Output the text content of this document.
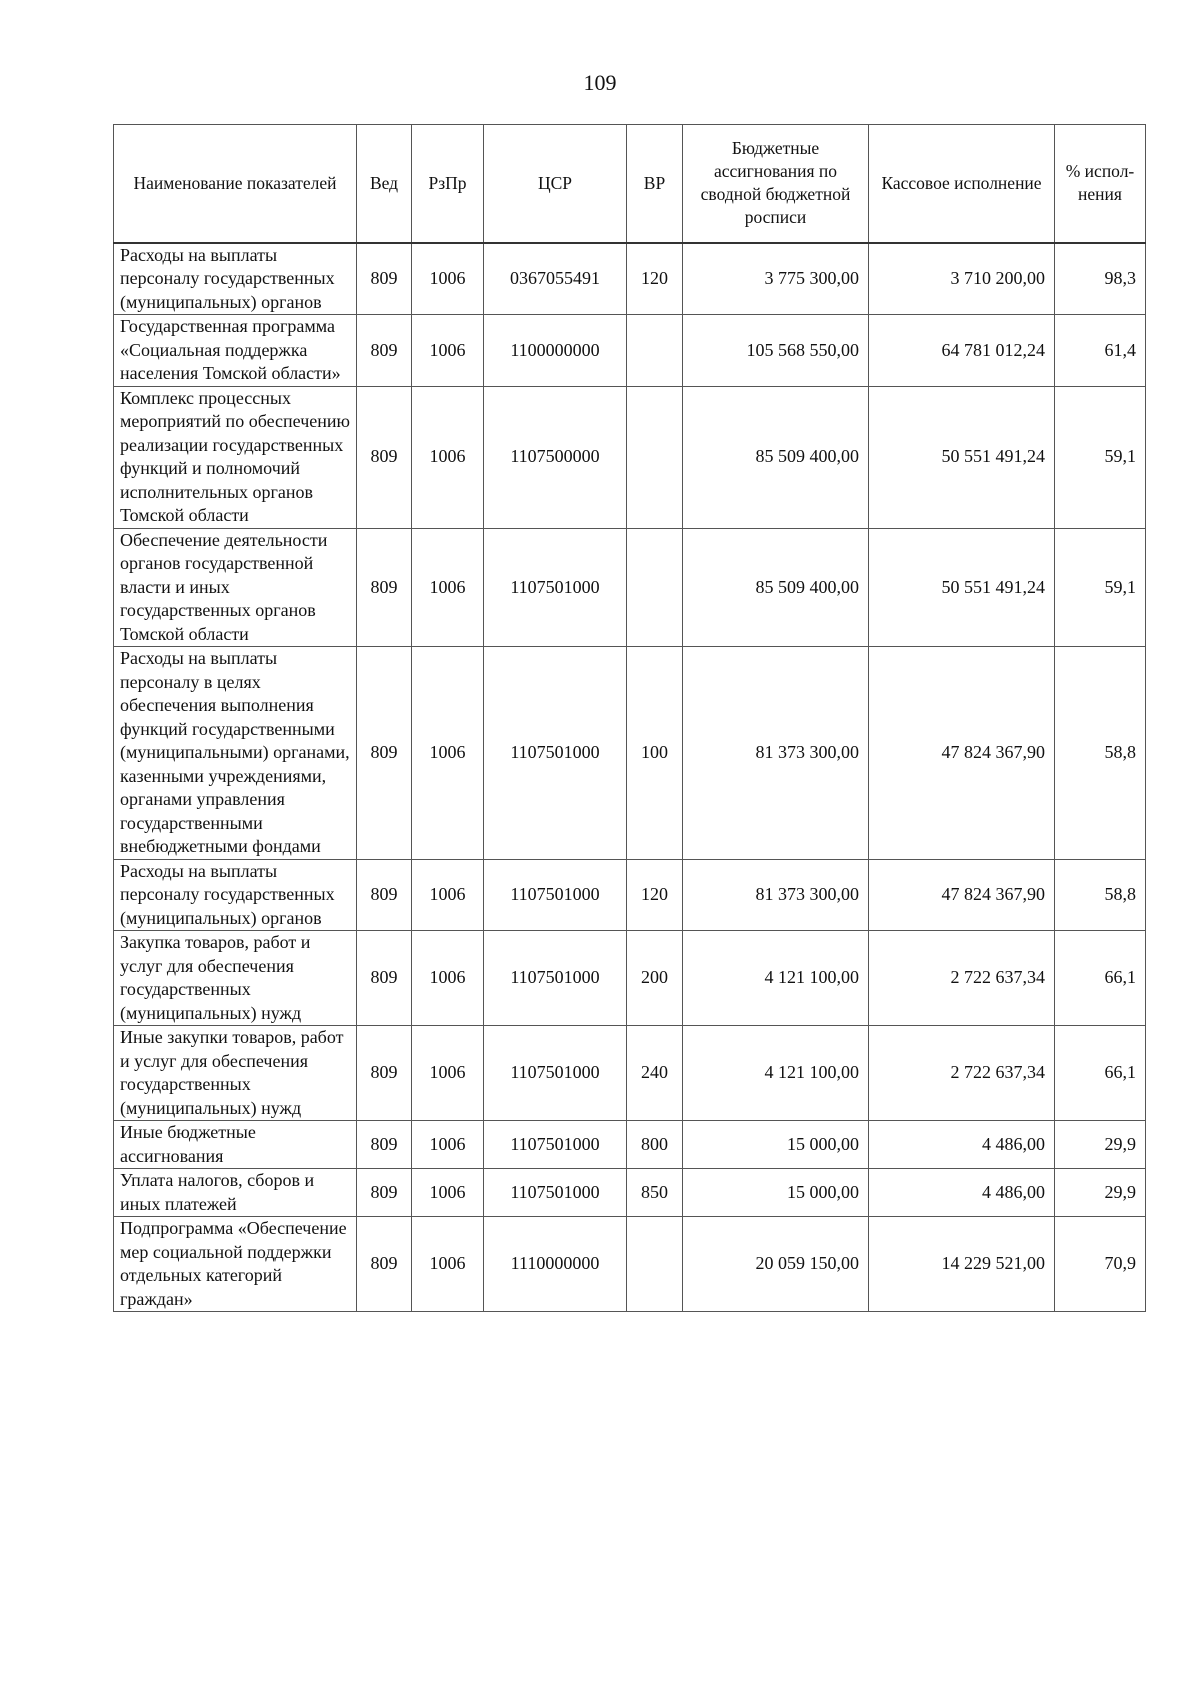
109
Наименование показателей	Вед	РзПр	ЦСР	ВР	Бюджетные ассигнования по сводной бюджетной росписи	Кассовое исполнение	% испол-нения
Расходы на выплаты персоналу государственных (муниципальных) органов	809	1006	0367055491	120	3 775 300,00	3 710 200,00	98,3
Государственная программа «Социальная поддержка населения Томской области»	809	1006	1100000000		105 568 550,00	64 781 012,24	61,4
Комплекс процессных мероприятий по обеспечению реализации государственных функций и полномочий исполнительных органов Томской области	809	1006	1107500000		85 509 400,00	50 551 491,24	59,1
Обеспечение деятельности органов государственной власти и иных государственных органов Томской области	809	1006	1107501000		85 509 400,00	50 551 491,24	59,1
Расходы на выплаты персоналу в целях обеспечения выполнения функций государственными (муниципальными) органами, казенными учреждениями, органами управления государственными внебюджетными фондами	809	1006	1107501000	100	81 373 300,00	47 824 367,90	58,8
Расходы на выплаты персоналу государственных (муниципальных) органов	809	1006	1107501000	120	81 373 300,00	47 824 367,90	58,8
Закупка товаров, работ и услуг для обеспечения государственных (муниципальных) нужд	809	1006	1107501000	200	4 121 100,00	2 722 637,34	66,1
Иные закупки товаров, работ и услуг для обеспечения государственных (муниципальных) нужд	809	1006	1107501000	240	4 121 100,00	2 722 637,34	66,1
Иные бюджетные ассигнования	809	1006	1107501000	800	15 000,00	4 486,00	29,9
Уплата налогов, сборов и иных платежей	809	1006	1107501000	850	15 000,00	4 486,00	29,9
Подпрограмма «Обеспечение мер социальной поддержки отдельных категорий граждан»	809	1006	1110000000		20 059 150,00	14 229 521,00	70,9
